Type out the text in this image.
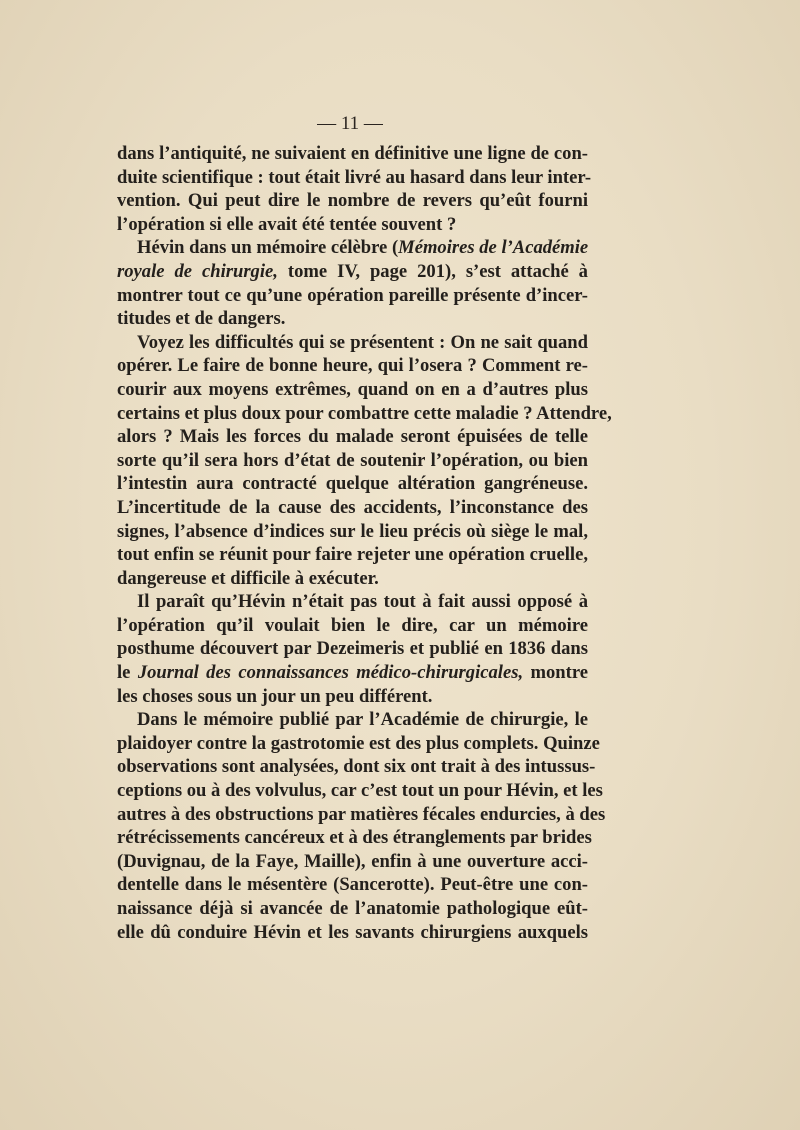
— 11 —
dans l’antiquité, ne suivaient en définitive une ligne de con-
duite scientifique : tout était livré au hasard dans leur inter-
vention. Qui peut dire le nombre de revers qu’eût fourni
l’opération si elle avait été tentée souvent ?
Hévin dans un mémoire célèbre (Mémoires de l’Académie
royale de chirurgie, tome IV, page 201), s’est attaché à
montrer tout ce qu’une opération pareille présente d’incer-
titudes et de dangers.
Voyez les difficultés qui se présentent : On ne sait quand
opérer. Le faire de bonne heure, qui l’osera ? Comment re-
courir aux moyens extrêmes, quand on en a d’autres plus
certains et plus doux pour combattre cette maladie ? Attendre,
alors ? Mais les forces du malade seront épuisées de telle
sorte qu’il sera hors d’état de soutenir l’opération, ou bien
l’intestin aura contracté quelque altération gangréneuse.
L’incertitude de la cause des accidents, l’inconstance des
signes, l’absence d’indices sur le lieu précis où siège le mal,
tout enfin se réunit pour faire rejeter une opération cruelle,
dangereuse et difficile à exécuter.
Il paraît qu’Hévin n’était pas tout à fait aussi opposé à
l’opération qu’il voulait bien le dire, car un mémoire
posthume découvert par Dezeimeris et publié en 1836 dans
le Journal des connaissances médico-chirurgicales, montre
les choses sous un jour un peu différent.
Dans le mémoire publié par l’Académie de chirurgie, le
plaidoyer contre la gastrotomie est des plus complets. Quinze
observations sont analysées, dont six ont trait à des intussus-
ceptions ou à des volvulus, car c’est tout un pour Hévin, et les
autres à des obstructions par matières fécales endurcies, à des
rétrécissements cancéreux et à des étranglements par brides
(Duvignau, de la Faye, Maille), enfin à une ouverture acci-
dentelle dans le mésentère (Sancerotte). Peut-être une con-
naissance déjà si avancée de l’anatomie pathologique eût-
elle dû conduire Hévin et les savants chirurgiens auxquels
